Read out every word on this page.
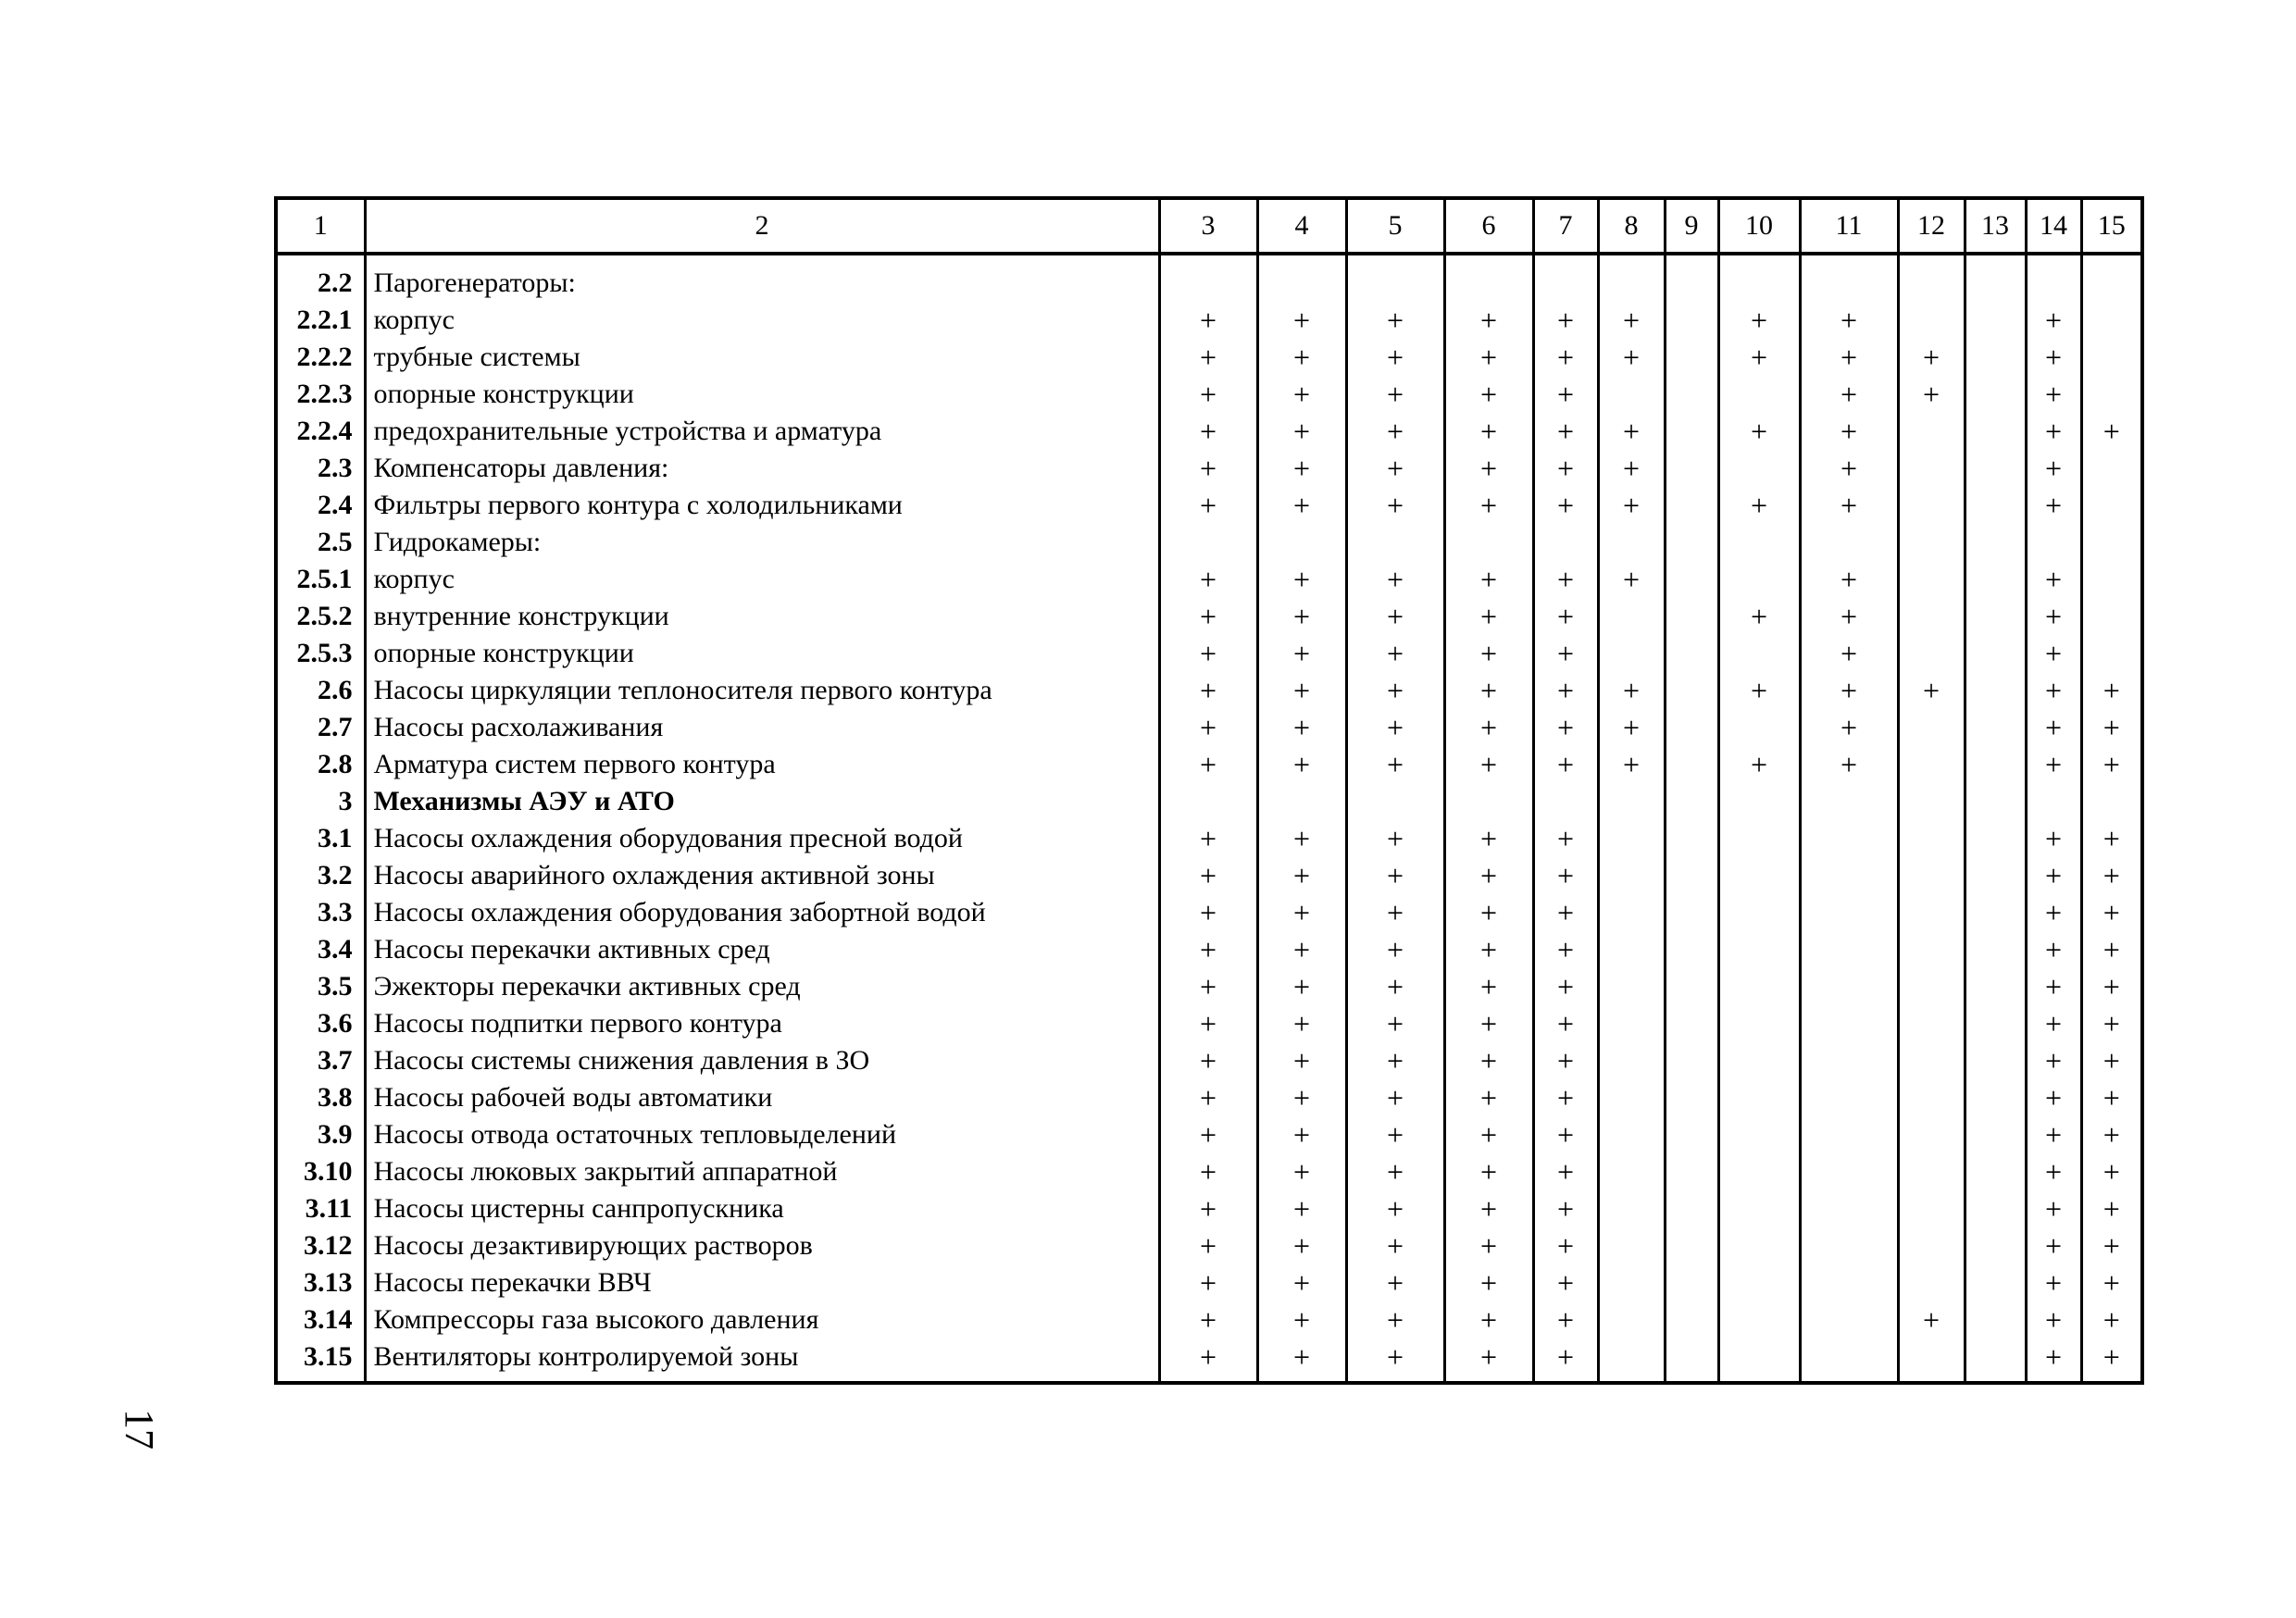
1	2	3	4	5	6	7	8	9	10	11	12	13	14	15
2.2	Парогенераторы:													
2.2.1	корпус	+	+	+	+	+	+		+	+			+	
2.2.2	трубные системы	+	+	+	+	+	+		+	+	+		+	
2.2.3	опорные конструкции	+	+	+	+	+				+	+		+	
2.2.4	предохранительные устройства и арматура	+	+	+	+	+	+		+	+			+	+
2.3	Компенсаторы давления:	+	+	+	+	+	+			+			+	
2.4	Фильтры первого контура с холодильниками	+	+	+	+	+	+		+	+			+	
2.5	Гидрокамеры:													
2.5.1	корпус	+	+	+	+	+	+			+			+	
2.5.2	внутренние конструкции	+	+	+	+	+			+	+			+	
2.5.3	опорные конструкции	+	+	+	+	+				+			+	
2.6	Насосы циркуляции теплоносителя первого контура	+	+	+	+	+	+		+	+	+		+	+
2.7	Насосы расхолаживания	+	+	+	+	+	+			+			+	+
2.8	Арматура систем первого контура	+	+	+	+	+	+		+	+			+	+
3	Механизмы АЭУ и АТО													
3.1	Насосы охлаждения оборудования пресной водой	+	+	+	+	+							+	+
3.2	Насосы аварийного охлаждения активной зоны	+	+	+	+	+							+	+
3.3	Насосы охлаждения оборудования забортной водой	+	+	+	+	+							+	+
3.4	Насосы перекачки активных сред	+	+	+	+	+							+	+
3.5	Эжекторы перекачки активных сред	+	+	+	+	+							+	+
3.6	Насосы подпитки первого контура	+	+	+	+	+							+	+
3.7	Насосы системы снижения давления в ЗО	+	+	+	+	+							+	+
3.8	Насосы рабочей воды автоматики	+	+	+	+	+							+	+
3.9	Насосы отвода остаточных тепловыделений	+	+	+	+	+							+	+
3.10	Насосы люковых закрытий аппаратной	+	+	+	+	+							+	+
3.11	Насосы цистерны санпропускника	+	+	+	+	+							+	+
3.12	Насосы дезактивирующих растворов	+	+	+	+	+							+	+
3.13	Насосы перекачки ВВЧ	+	+	+	+	+							+	+
3.14	Компрессоры газа высокого давления	+	+	+	+	+					+		+	+
3.15	Вентиляторы контролируемой зоны	+	+	+	+	+							+	+
17
